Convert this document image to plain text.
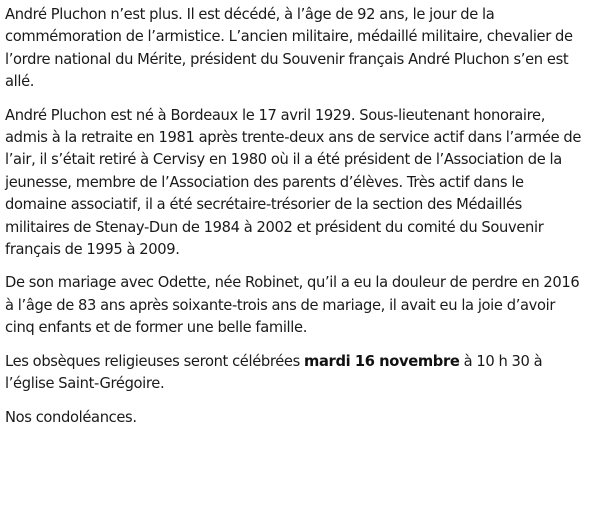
André Pluchon n’est plus. Il est décédé, à l’âge de 92 ans, le jour de la commémoration de l’armistice. L’ancien militaire, médaillé militaire, chevalier de l’ordre national du Mérite, président du Souvenir français André Pluchon s’en est allé.

André Pluchon est né à Bordeaux le 17 avril 1929. Sous-lieutenant honoraire, admis à la retraite en 1981 après trente-deux ans de service actif dans l’armée de l’air, il s’était retiré à Cervisy en 1980 où il a été président de l’Association de la jeunesse, membre de l’Association des parents d’élèves. Très actif dans le domaine associatif, il a été secrétaire-trésorier de la section des Médaillés militaires de Stenay-Dun de 1984 à 2002 et président du comité du Souvenir français de 1995 à 2009.

De son mariage avec Odette, née Robinet, qu’il a eu la douleur de perdre en 2016 à l’âge de 83 ans après soixante-trois ans de mariage, il avait eu la joie d’avoir cinq enfants et de former une belle famille.

Les obsèques religieuses seront célébrées mardi 16 novembre à 10 h 30 à l’église Saint-Grégoire.

Nos condoléances.
